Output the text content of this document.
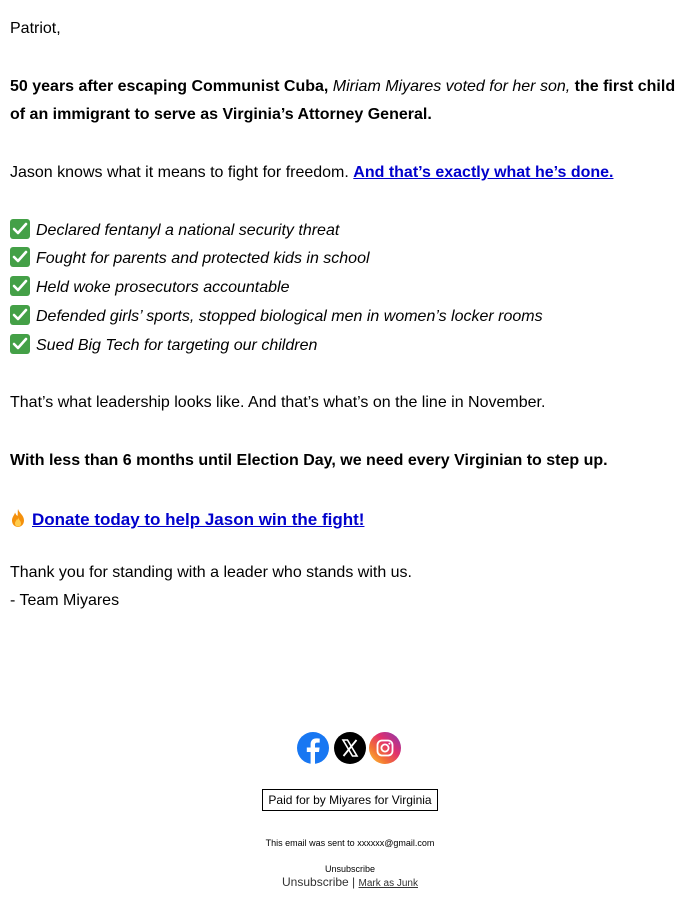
Patriot,
50 years after escaping Communist Cuba, Miriam Miyares voted for her son, the first child
of an immigrant to serve as Virginia’s Attorney General.
Jason knows what it means to fight for freedom. And that’s exactly what he’s done.
Declared fentanyl a national security threat
Fought for parents and protected kids in school
Held woke prosecutors accountable
Defended girls’ sports, stopped biological men in women’s locker rooms
Sued Big Tech for targeting our children
That’s what leadership looks like. And that’s what’s on the line in November.
With less than 6 months until Election Day, we need every Virginian to step up.
Donate today to help Jason win the fight!
Thank you for standing with a leader who stands with us.
- Team Miyares
Paid for by Miyares for Virginia
This email was sent to xxxxxx@gmail.com
Unsubscribe
Unsubscribe | Mark as Junk
